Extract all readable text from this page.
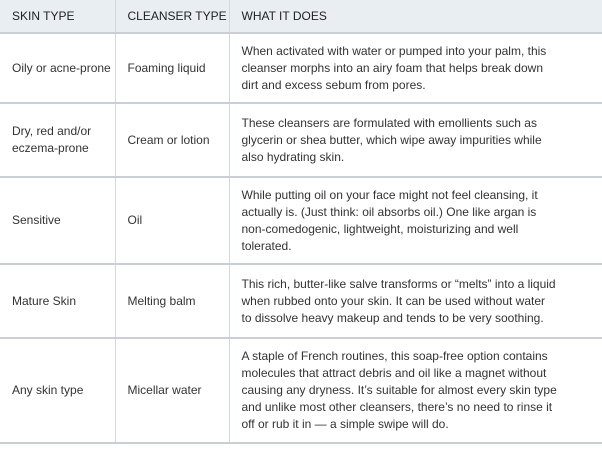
SKIN TYPE	CLEANSER TYPE	WHAT IT DOES

Oily or acne-prone	Foaming liquid	When activated with water or pumped into your palm, this
cleanser morphs into an airy foam that helps break down
dirt and excess sebum from pores.

Dry, red and/or
eczema-prone	Cream or lotion	These cleansers are formulated with emollients such as
glycerin or shea butter, which wipe away impurities while
also hydrating skin.

Sensitive	Oil	While putting oil on your face might not feel cleansing, it
actually is. (Just think: oil absorbs oil.) One like argan is
non-comedogenic, lightweight, moisturizing and well
tolerated.

Mature Skin	Melting balm	This rich, butter-like salve transforms or “melts” into a liquid
when rubbed onto your skin. It can be used without water
to dissolve heavy makeup and tends to be very soothing.

Any skin type	Micellar water	A staple of French routines, this soap-free option contains
molecules that attract debris and oil like a magnet without
causing any dryness. It’s suitable for almost every skin type
and unlike most other cleansers, there’s no need to rinse it
off or rub it in — a simple swipe will do.
